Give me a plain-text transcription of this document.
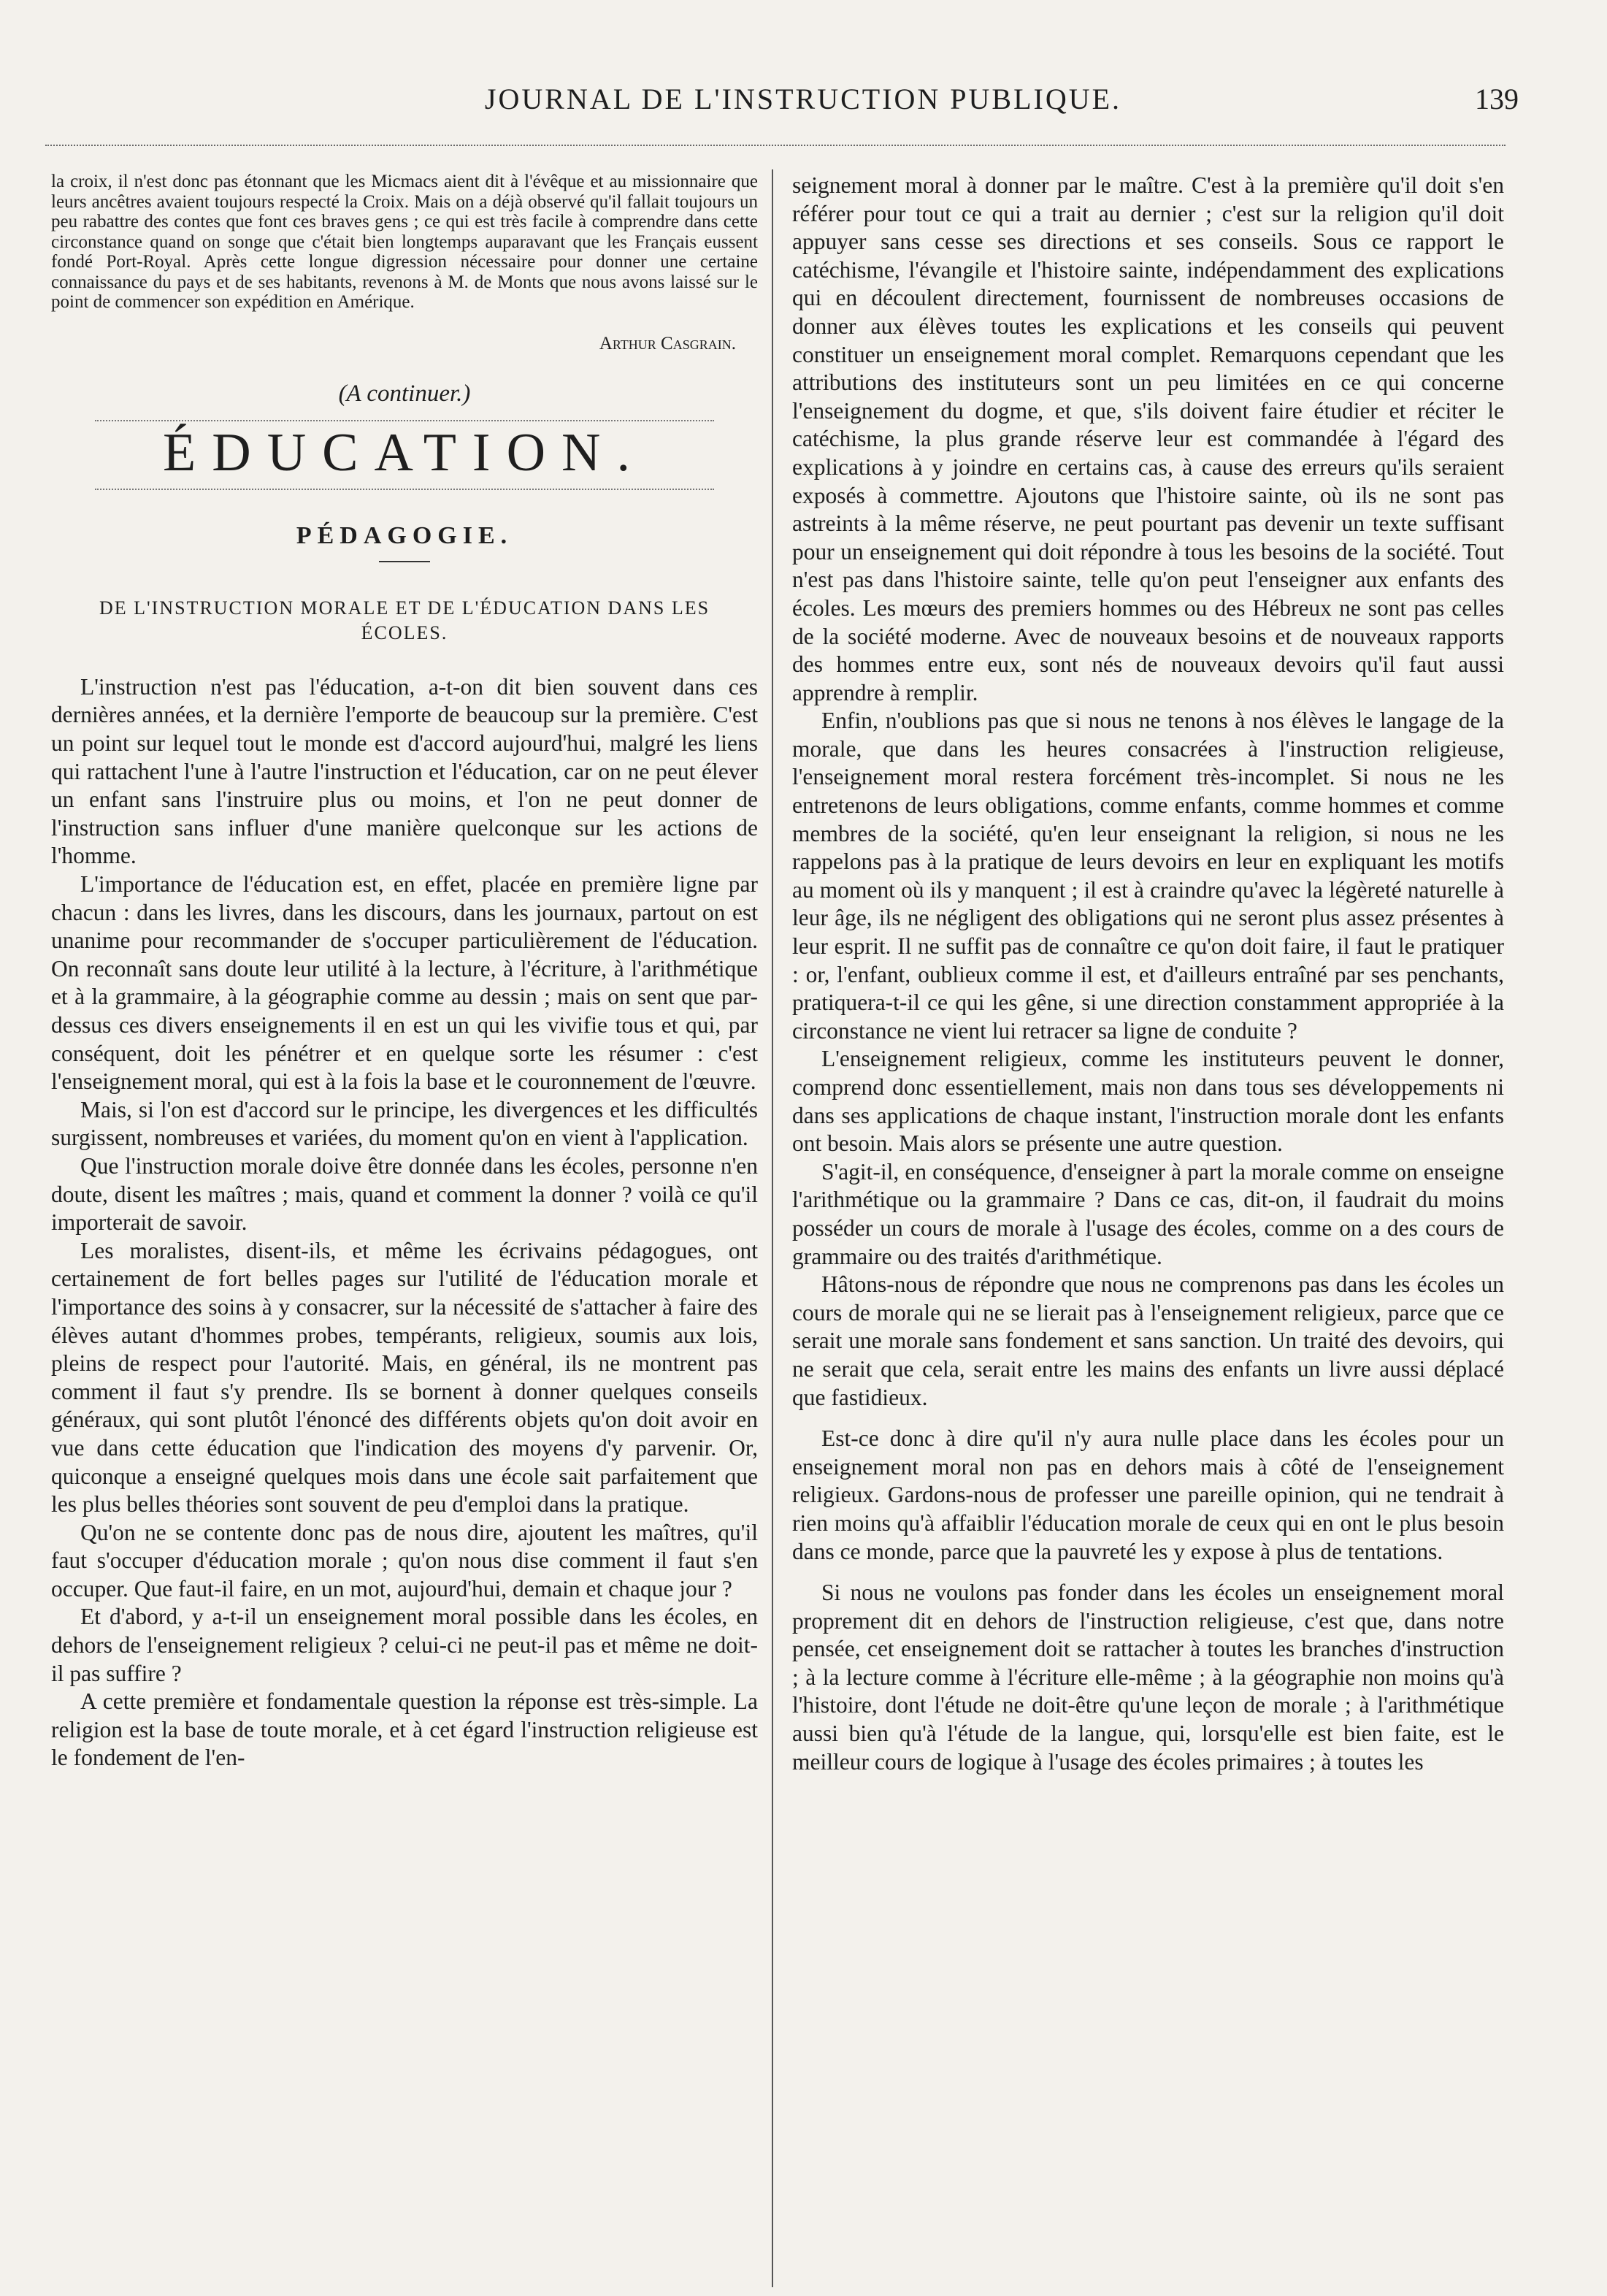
JOURNAL DE L'INSTRUCTION PUBLIQUE.	139

la croix, il n'est donc pas étonnant que les Micmacs aient dit à l'évêque et au missionnaire que leurs ancêtres avaient toujours respecté la Croix. Mais on a déjà observé qu'il fallait toujours un peu rabattre des contes que font ces braves gens ; ce qui est très facile à comprendre dans cette circonstance quand on songe que c'était bien longtemps auparavant que les Français eussent fondé Port-Royal. Après cette longue digression nécessaire pour donner une certaine connaissance du pays et de ses habitants, revenons à M. de Monts que nous avons laissé sur le point de commencer son expédition en Amérique.

Arthur Casgrain.
(A continuer.)
ÉDUCATION.
PÉDAGOGIE.
DE L'INSTRUCTION MORALE ET DE L'ÉDUCATION DANS LES ÉCOLES.

L'instruction n'est pas l'éducation, a-t-on dit bien souvent dans ces dernières années, et la dernière l'emporte de beaucoup sur la première. C'est un point sur lequel tout le monde est d'accord aujourd'hui, malgré les liens qui rattachent l'une à l'autre l'instruction et l'éducation, car on ne peut élever un enfant sans l'instruire plus ou moins, et l'on ne peut donner de l'instruction sans influer d'une manière quelconque sur les actions de l'homme.

L'importance de l'éducation est, en effet, placée en première ligne par chacun : dans les livres, dans les discours, dans les journaux, partout on est unanime pour recommander de s'occuper particulièrement de l'éducation. On reconnaît sans doute leur utilité à la lecture, à l'écriture, à l'arithmétique et à la grammaire, à la géographie comme au dessin ; mais on sent que par-dessus ces divers enseignements il en est un qui les vivifie tous et qui, par conséquent, doit les pénétrer et en quelque sorte les résumer : c'est l'enseignement moral, qui est à la fois la base et le couronnement de l'œuvre.

Mais, si l'on est d'accord sur le principe, les divergences et les difficultés surgissent, nombreuses et variées, du moment qu'on en vient à l'application.

Que l'instruction morale doive être donnée dans les écoles, personne n'en doute, disent les maîtres ; mais, quand et comment la donner ? voilà ce qu'il importerait de savoir.

Les moralistes, disent-ils, et même les écrivains pédagogues, ont certainement de fort belles pages sur l'utilité de l'éducation morale et l'importance des soins à y consacrer, sur la nécessité de s'attacher à faire des élèves autant d'hommes probes, tempérants, religieux, soumis aux lois, pleins de respect pour l'autorité. Mais, en général, ils ne montrent pas comment il faut s'y prendre. Ils se bornent à donner quelques conseils généraux, qui sont plutôt l'énoncé des différents objets qu'on doit avoir en vue dans cette éducation que l'indication des moyens d'y parvenir. Or, quiconque a enseigné quelques mois dans une école sait parfaitement que les plus belles théories sont souvent de peu d'emploi dans la pratique.

Qu'on ne se contente donc pas de nous dire, ajoutent les maîtres, qu'il faut s'occuper d'éducation morale ; qu'on nous dise comment il faut s'en occuper. Que faut-il faire, en un mot, aujourd'hui, demain et chaque jour ?

Et d'abord, y a-t-il un enseignement moral possible dans les écoles, en dehors de l'enseignement religieux ? celui-ci ne peut-il pas et même ne doit-il pas suffire ?

A cette première et fondamentale question la réponse est très-simple. La religion est la base de toute morale, et à cet égard l'instruction religieuse est le fondement de l'en-

seignement moral à donner par le maître. C'est à la première qu'il doit s'en référer pour tout ce qui a trait au dernier ; c'est sur la religion qu'il doit appuyer sans cesse ses directions et ses conseils. Sous ce rapport le catéchisme, l'évangile et l'histoire sainte, indépendamment des explications qui en découlent directement, fournissent de nombreuses occasions de donner aux élèves toutes les explications et les conseils qui peuvent constituer un enseignement moral complet. Remarquons cependant que les attributions des instituteurs sont un peu limitées en ce qui concerne l'enseignement du dogme, et que, s'ils doivent faire étudier et réciter le catéchisme, la plus grande réserve leur est commandée à l'égard des explications à y joindre en certains cas, à cause des erreurs qu'ils seraient exposés à commettre. Ajoutons que l'histoire sainte, où ils ne sont pas astreints à la même réserve, ne peut pourtant pas devenir un texte suffisant pour un enseignement qui doit répondre à tous les besoins de la société. Tout n'est pas dans l'histoire sainte, telle qu'on peut l'enseigner aux enfants des écoles. Les mœurs des premiers hommes ou des Hébreux ne sont pas celles de la société moderne. Avec de nouveaux besoins et de nouveaux rapports des hommes entre eux, sont nés de nouveaux devoirs qu'il faut aussi apprendre à remplir.

Enfin, n'oublions pas que si nous ne tenons à nos élèves le langage de la morale, que dans les heures consacrées à l'instruction religieuse, l'enseignement moral restera forcément très-incomplet. Si nous ne les entretenons de leurs obligations, comme enfants, comme hommes et comme membres de la société, qu'en leur enseignant la religion, si nous ne les rappelons pas à la pratique de leurs devoirs en leur en expliquant les motifs au moment où ils y manquent ; il est à craindre qu'avec la légèreté naturelle à leur âge, ils ne négligent des obligations qui ne seront plus assez présentes à leur esprit. Il ne suffit pas de connaître ce qu'on doit faire, il faut le pratiquer : or, l'enfant, oublieux comme il est, et d'ailleurs entraîné par ses penchants, pratiquera-t-il ce qui les gêne, si une direction constamment appropriée à la circonstance ne vient lui retracer sa ligne de conduite ?

L'enseignement religieux, comme les instituteurs peuvent le donner, comprend donc essentiellement, mais non dans tous ses développements ni dans ses applications de chaque instant, l'instruction morale dont les enfants ont besoin. Mais alors se présente une autre question.

S'agit-il, en conséquence, d'enseigner à part la morale comme on enseigne l'arithmétique ou la grammaire ? Dans ce cas, dit-on, il faudrait du moins posséder un cours de morale à l'usage des écoles, comme on a des cours de grammaire ou des traités d'arithmétique.

Hâtons-nous de répondre que nous ne comprenons pas dans les écoles un cours de morale qui ne se lierait pas à l'enseignement religieux, parce que ce serait une morale sans fondement et sans sanction. Un traité des devoirs, qui ne serait que cela, serait entre les mains des enfants un livre aussi déplacé que fastidieux.

Est-ce donc à dire qu'il n'y aura nulle place dans les écoles pour un enseignement moral non pas en dehors mais à côté de l'enseignement religieux. Gardons-nous de professer une pareille opinion, qui ne tendrait à rien moins qu'à affaiblir l'éducation morale de ceux qui en ont le plus besoin dans ce monde, parce que la pauvreté les y expose à plus de tentations.

Si nous ne voulons pas fonder dans les écoles un enseignement moral proprement dit en dehors de l'instruction religieuse, c'est que, dans notre pensée, cet enseignement doit se rattacher à toutes les branches d'instruction ; à la lecture comme à l'écriture elle-même ; à la géographie non moins qu'à l'histoire, dont l'étude ne doit-être qu'une leçon de morale ; à l'arithmétique aussi bien qu'à l'étude de la langue, qui, lorsqu'elle est bien faite, est le meilleur cours de logique à l'usage des écoles primaires ; à toutes les
